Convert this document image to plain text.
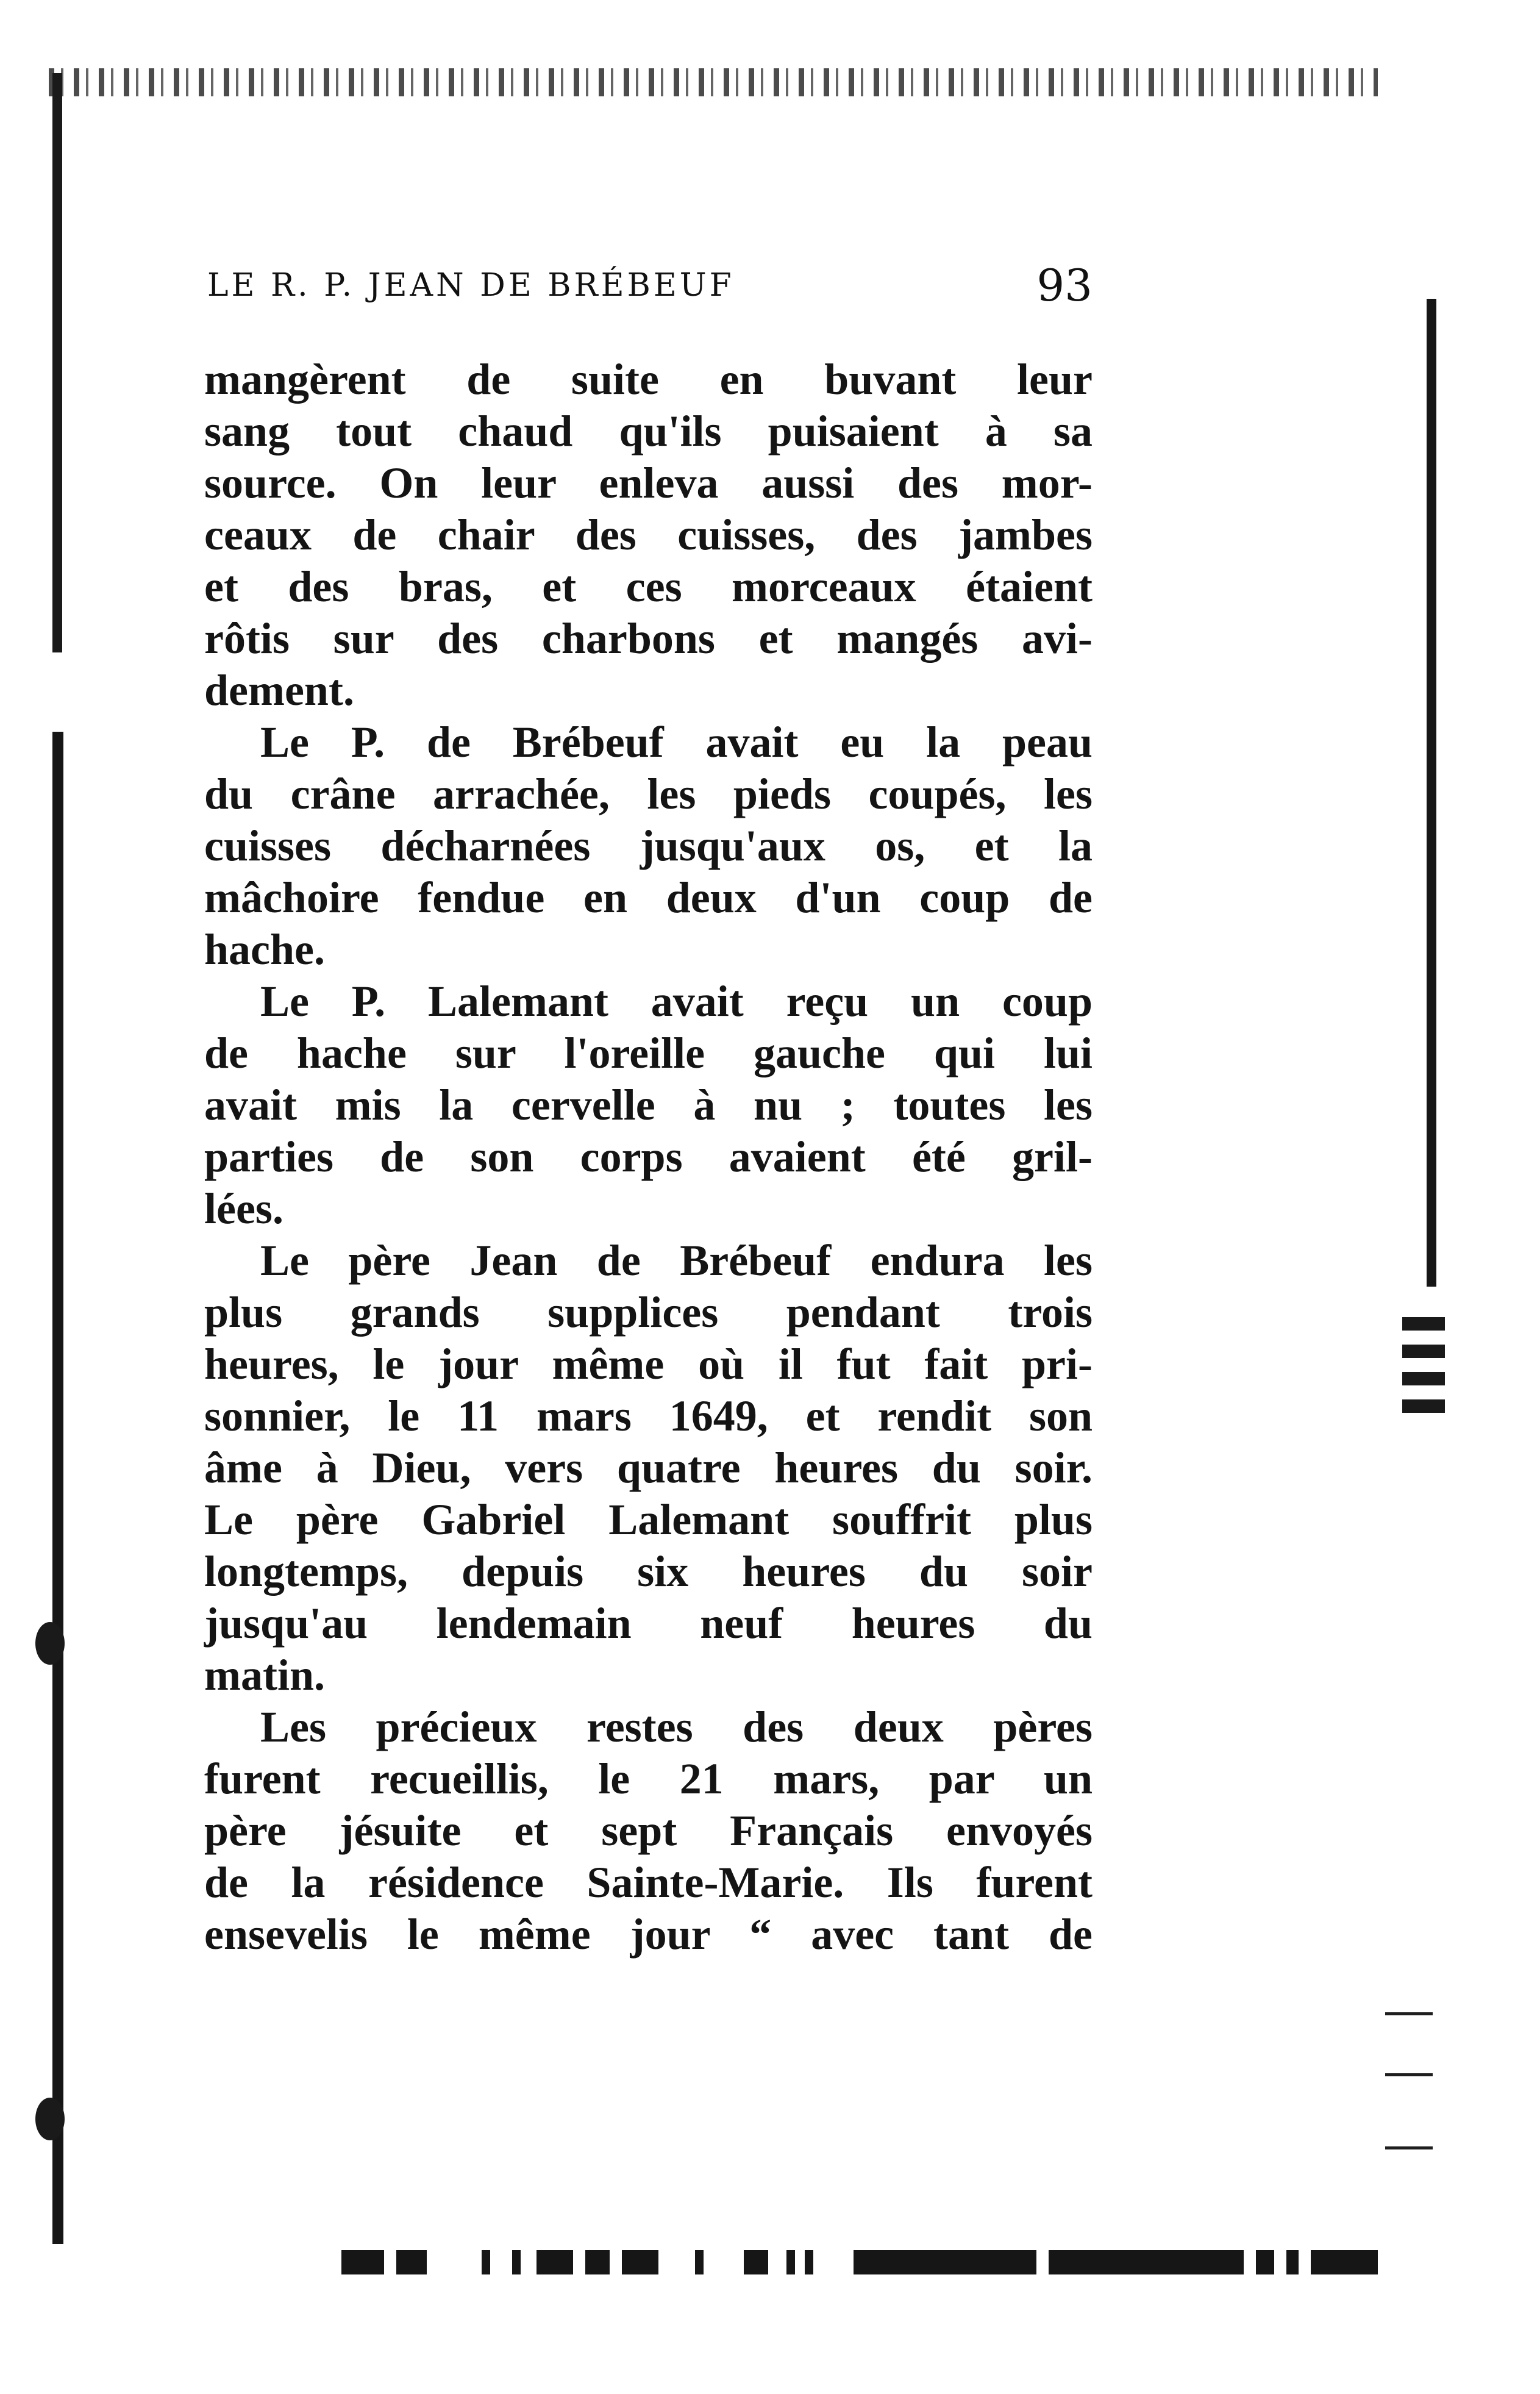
LE R. P. JEAN DE BRÉBEUF	93
mangèrent de suite en buvant leur
sang tout chaud qu'ils puisaient à sa
source. On leur enleva aussi des mor-
ceaux de chair des cuisses, des jambes
et des bras, et ces morceaux étaient
rôtis sur des charbons et mangés avi-
dement.
Le P. de Brébeuf avait eu la peau
du crâne arrachée, les pieds coupés, les
cuisses décharnées jusqu'aux os, et la
mâchoire fendue en deux d'un coup de
hache.
Le P. Lalemant avait reçu un coup
de hache sur l'oreille gauche qui lui
avait mis la cervelle à nu ; toutes les
parties de son corps avaient été gril-
lées.
Le père Jean de Brébeuf endura les
plus grands supplices pendant trois
heures, le jour même où il fut fait pri-
sonnier, le 11 mars 1649, et rendit son
âme à Dieu, vers quatre heures du soir.
Le père Gabriel Lalemant souffrit plus
longtemps, depuis six heures du soir
jusqu'au lendemain neuf heures du
matin.
Les précieux restes des deux pères
furent recueillis, le 21 mars, par un
père jésuite et sept Français envoyés
de la résidence Sainte-Marie. Ils furent
ensevelis le même jour “ avec tant de
